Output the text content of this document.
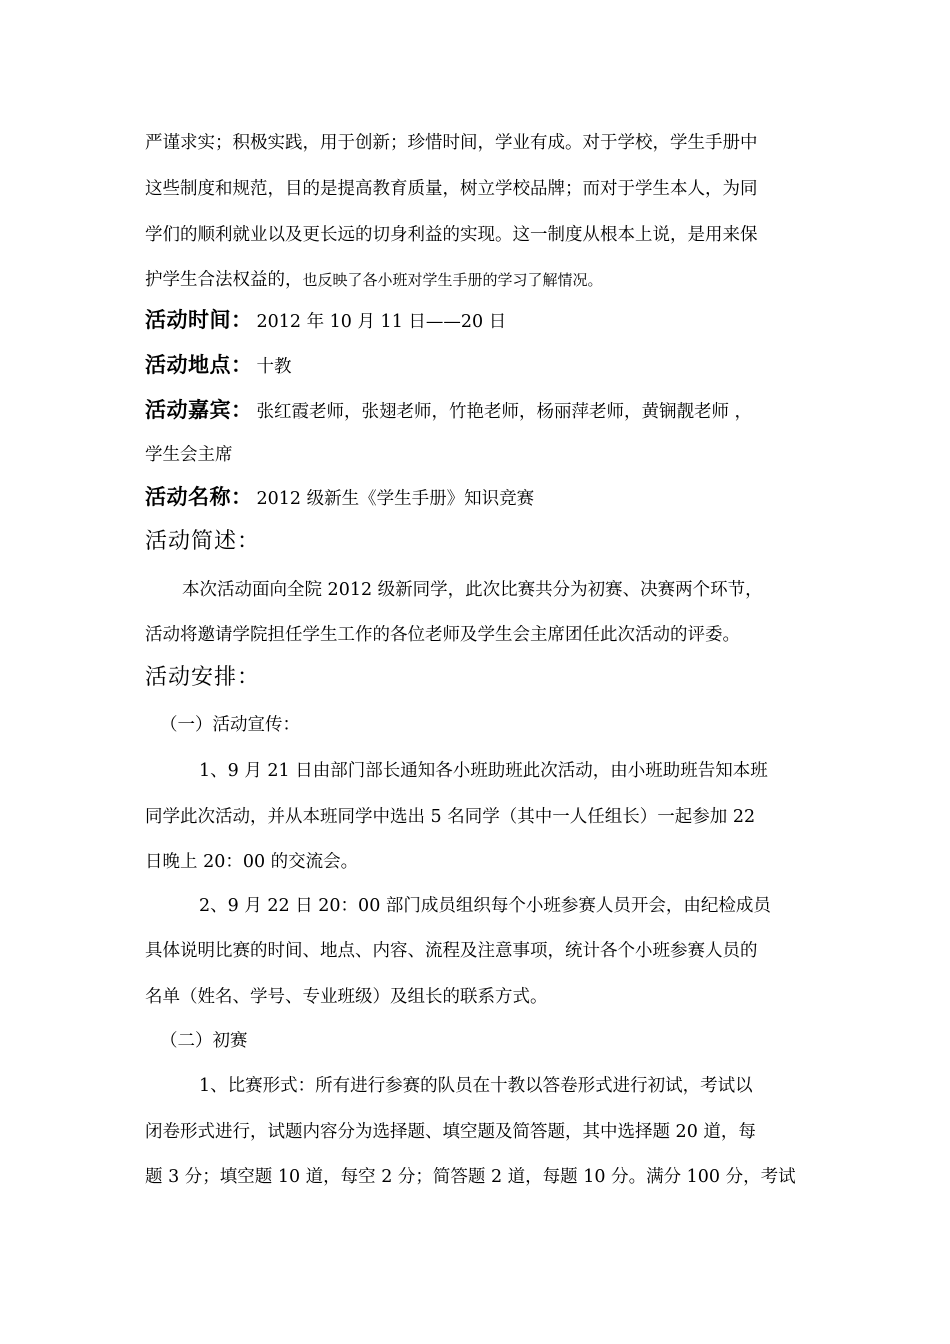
严谨求实；积极实践，用于创新；珍惜时间，学业有成。对于学校，学生手册中
这些制度和规范，目的是提高教育质量，树立学校品牌；而对于学生本人，为同
学们的顺利就业以及更长远的切身利益的实现。这一制度从根本上说，是用来保
护学生合法权益的，也反映了各小班对学生手册的学习了解情况。
活动时间： 2012 年 10 月 11 日——20 日
活动地点： 十教
活动嘉宾： 张红霞老师，张翅老师，竹艳老师，杨丽萍老师，黄锎靓老师 ，
学生会主席
活动名称： 2012 级新生《学生手册》知识竞赛
活动简述：
本次活动面向全院 2012 级新同学，此次比赛共分为初赛、决赛两个环节，
活动将邀请学院担任学生工作的各位老师及学生会主席团任此次活动的评委。
活动安排：
（一）活动宣传：
1、9 月 21 日由部门部长通知各小班助班此次活动，由小班助班告知本班
同学此次活动，并从本班同学中选出 5 名同学（其中一人任组长）一起参加 22
日晚上 20：00 的交流会。
2、9 月 22 日 20：00 部门成员组织每个小班参赛人员开会，由纪检成员
具体说明比赛的时间、地点、内容、流程及注意事项，统计各个小班参赛人员的
名单（姓名、学号、专业班级）及组长的联系方式。
（二）初赛
1、比赛形式：所有进行参赛的队员在十教以答卷形式进行初试，考试以
闭卷形式进行，试题内容分为选择题、填空题及简答题，其中选择题 20 道，每
题 3 分；填空题 10 道，每空 2 分；简答题 2 道，每题 10 分。满分 100 分，考试
